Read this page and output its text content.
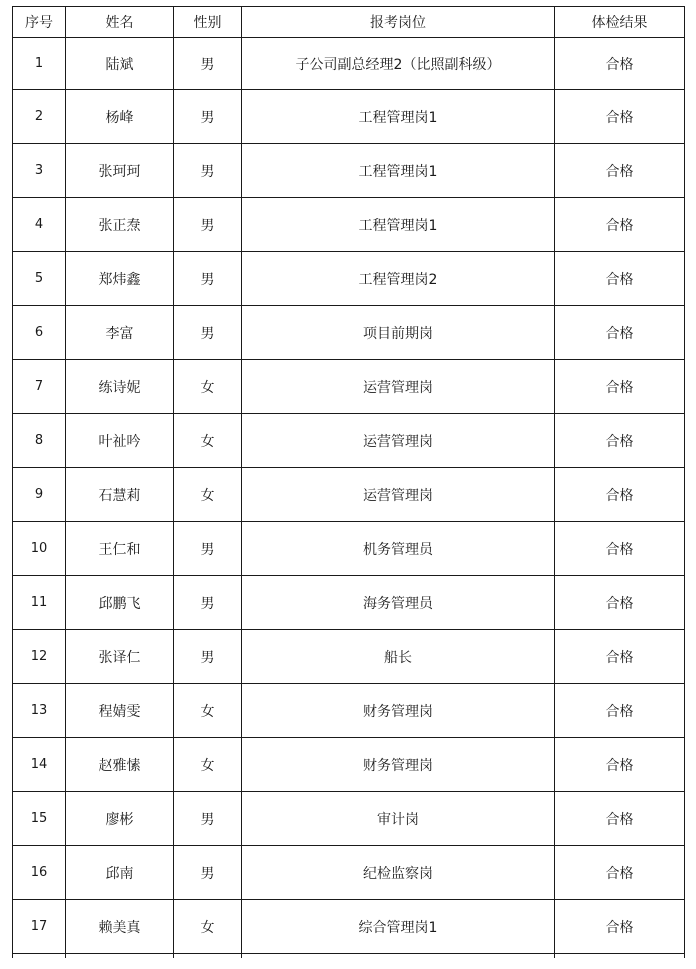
序号	姓名	性别	报考岗位	体检结果
1	陆斌	男	子公司副总经理2（比照副科级）	合格
2	杨峰	男	工程管理岗1	合格
3	张珂珂	男	工程管理岗1	合格
4	张正焘	男	工程管理岗1	合格
5	郑炜鑫	男	工程管理岗2	合格
6	李富	男	项目前期岗	合格
7	练诗妮	女	运营管理岗	合格
8	叶祉吟	女	运营管理岗	合格
9	石慧莉	女	运营管理岗	合格
10	王仁和	男	机务管理员	合格
11	邱鹏飞	男	海务管理员	合格
12	张译仁	男	船长	合格
13	程婧雯	女	财务管理岗	合格
14	赵雅愫	女	财务管理岗	合格
15	廖彬	男	审计岗	合格
16	邱南	男	纪检监察岗	合格
17	赖美真	女	综合管理岗1	合格
